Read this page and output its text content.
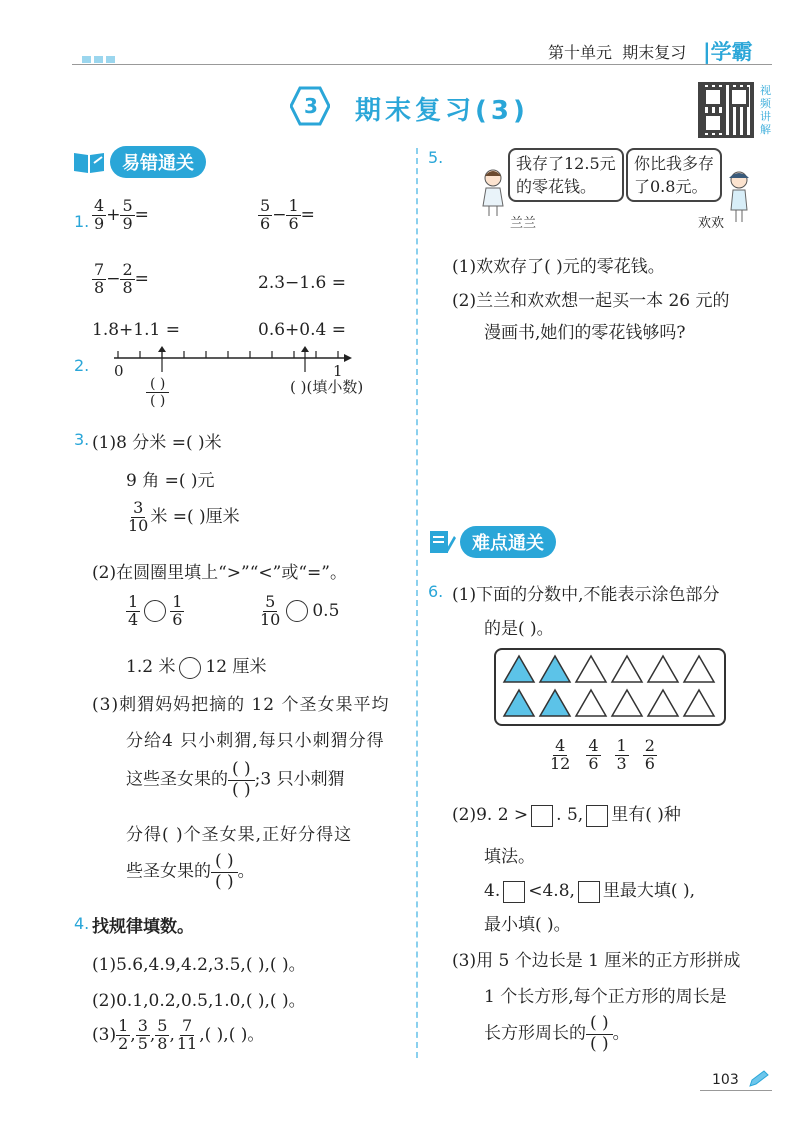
第十单元 期末复习 |学霸
3 期末复习(3)
视频讲解
易错通关
1. $\frac{4}{9} + \frac{5}{9}$ =	$\frac{5}{6} - \frac{1}{6}$ =
$\frac{7}{8} - \frac{2}{8}$ =	2.3−1.6 =
1.8+1.1 =	0.6+0.4 =
2. 0	1
$\frac{( )}{( )}$	( )(填小数)
3. (1)8 分米 =( )米
9 角 =( )元
$\frac{3}{10}$ 米 =( )厘米
(2)在圆圈里填上“>”“<”或“=”。
$\frac{1}{4} \frac{1}{6}$	$\frac{5}{10} 0.5$
1.2 米 12 厘米
(3)刺猬妈妈把摘的 12 个圣女果平均
分给4 只小刺猬,每只小刺猬分得
这些圣女果的 $\frac{( )}{( )}$ ;3 只小刺猬
分得( )个圣女果,正好分得这
些圣女果的 $\frac{( )}{( )}$ 。
4. 找规律填数。
(1)5.6,4.9,4.2,3.5,( ),( )。
(2)0.1,0.2,0.5,1.0,( ),( )。
$(3) \frac{1}{2}$ , $\frac{3}{5}$ , $\frac{5}{8}$ , $\frac{7}{11}$ ,( ),( )。
5.	我存了12.5元
的零花钱。
你比我多存
了0.8元。
兰兰	欢欢
(1)欢欢存了( )元的零花钱。
(2)兰兰和欢欢想一起买一本 26 元的
漫画书,她们的零花钱够吗?
难点通关
6. (1)下面的分数中,不能表示涂色部分
的是( )。
$\frac{4}{12} \frac{4}{6} \frac{1}{3} \frac{2}{6}$
(2)9. 2 > . 5, 里有( )种
填法。
4. <4.8, 里最大填( ),
最小填( )。
(3)用 5 个边长是 1 厘米的正方形拼成
1 个长方形,每个正方形的周长是
长方形周长的 $\frac{( )}{( )}$ 。
103
